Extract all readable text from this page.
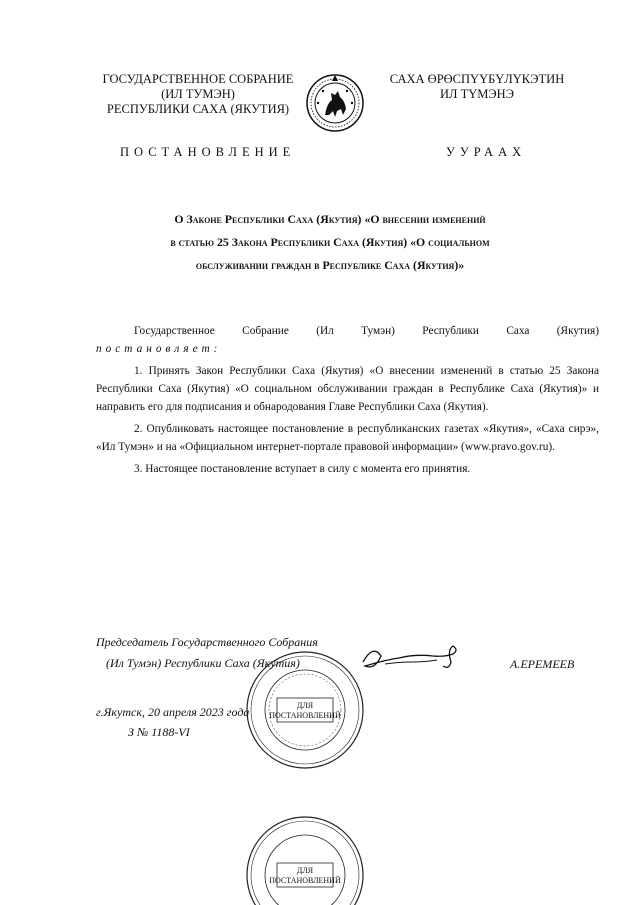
ГОСУДАРСТВЕННОЕ СОБРАНИЕ
(ИЛ ТУМЭН)
РЕСПУБЛИКИ САХА (ЯКУТИЯ)
САХА ӨРӨСПҮҮБҮЛҮКЭТИН
ИЛ ТҮМЭНЭ
ПОСТАНОВЛЕНИЕ	УУРААХ
О Законе Республики Саха (Якутия) «О внесении изменений
в статью 25 Закона Республики Саха (Якутия) «О социальном
обслуживании граждан в Республике Саха (Якутия)»

Государственное Собрание (Ил Тумэн) Республики Саха (Якутия)

постановляет:

1. Принять Закон Республики Саха (Якутия) «О внесении изменений в статью 25 Закона Республики Саха (Якутия) «О социальном обслуживании граждан в Республике Саха (Якутия)» и направить его для подписания и обнародования Главе Республики Саха (Якутия).

2. Опубликовать настоящее постановление в республиканских газетах «Якутия», «Саха сирэ», «Ил Тумэн» и на «Официальном интернет-портале правовой информации» (www.pravo.gov.ru).

3. Настоящее постановление вступает в силу с момента его принятия.

Председатель Государственного Собрания
(Ил Тумэн) Республики Саха (Якутия)	А.ЕРЕМЕЕВ
г.Якутск, 20 апреля 2023 года
З № 1188-VI
ДЛЯ
ПОСТАНОВЛЕНИЙ
ДЛЯ
ПОСТАНОВЛЕНИЙ
